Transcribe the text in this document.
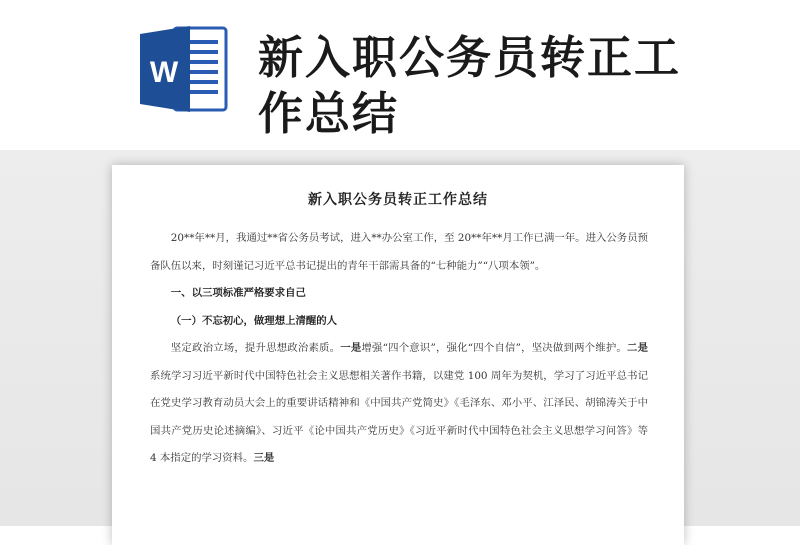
W 新入职公务员转正工作总结
新入职公务员转正工作总结

20**年**月，我通过**省公务员考试，进入**办公室工作，至 20**年**月工作已满一年。进入公务员预备队伍以来，时刻谨记习近平总书记提出的青年干部需具备的“七种能力”“八项本领”。

一、以三项标准严格要求自己

（一）不忘初心，做理想上清醒的人

坚定政治立场，提升思想政治素质。一是增强“四个意识”，强化“四个自信”，坚决做到两个维护。二是系统学习习近平新时代中国特色社会主义思想相关著作书籍，以建党 100 周年为契机，学习了习近平总书记在党史学习教育动员大会上的重要讲话精神和《中国共产党简史》《毛泽东、邓小平、江泽民、胡锦涛关于中国共产党历史论述摘编》、习近平《论中国共产党历史》《习近平新时代中国特色社会主义思想学习问答》等 4 本指定的学习资料。三是
